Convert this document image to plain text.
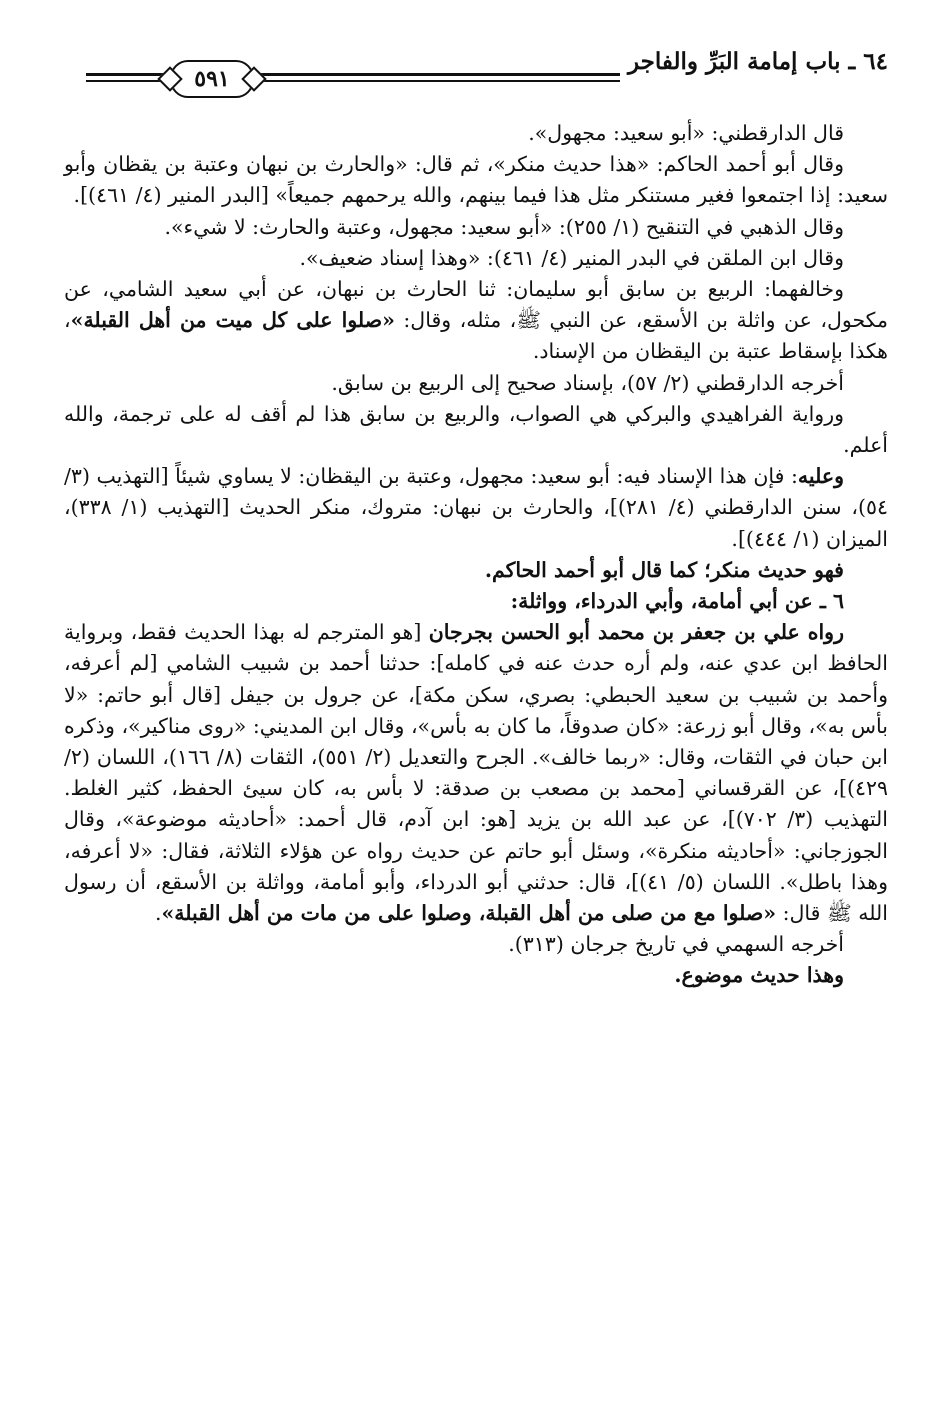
٦٤ ـ باب إمامة البَرِّ والفاجر
٥٩١

قال الدارقطني: «أبو سعيد: مجهول».

وقال أبو أحمد الحاكم: «هذا حديث منكر»، ثم قال: «والحارث بن نبهان وعتبة بن يقظان وأبو سعيد: إذا اجتمعوا فغير مستنكر مثل هذا فيما بينهم، والله يرحمهم جميعاً» [البدر المنير (٤/ ٤٦١)].

وقال الذهبي في التنقيح (١/ ٢٥٥): «أبو سعيد: مجهول، وعتبة والحارث: لا شيء».

وقال ابن الملقن في البدر المنير (٤/ ٤٦١): «وهذا إسناد ضعيف».

وخالفهما: الربيع بن سابق أبو سليمان: ثنا الحارث بن نبهان، عن أبي سعيد الشامي، عن مكحول، عن واثلة بن الأسقع، عن النبي ﷺ، مثله، وقال: «صلوا على كل ميت من أهل القبلة»، هكذا بإسقاط عتبة بن اليقظان من الإسناد.

أخرجه الدارقطني (٢/ ٥٧)، بإسناد صحيح إلى الربيع بن سابق.

ورواية الفراهيدي والبركي هي الصواب، والربيع بن سابق هذا لم أقف له على ترجمة، والله أعلم.

وعليه: فإن هذا الإسناد فيه: أبو سعيد: مجهول، وعتبة بن اليقظان: لا يساوي شيئاً [التهذيب (٣/ ٥٤)، سنن الدارقطني (٤/ ٢٨١)]، والحارث بن نبهان: متروك، منكر الحديث [التهذيب (١/ ٣٣٨)، الميزان (١/ ٤٤٤)].

فهو حديث منكر؛ كما قال أبو أحمد الحاكم.

٦ ـ عن أبي أمامة، وأبي الدرداء، وواثلة:

رواه علي بن جعفر بن محمد أبو الحسن بجرجان [هو المترجم له بهذا الحديث فقط، وبرواية الحافظ ابن عدي عنه، ولم أره حدث عنه في كامله]: حدثنا أحمد بن شبيب الشامي [لم أعرفه، وأحمد بن شبيب بن سعيد الحبطي: بصري، سكن مكة]، عن جرول بن جيفل [قال أبو حاتم: «لا بأس به»، وقال أبو زرعة: «كان صدوقاً، ما كان به بأس»، وقال ابن المديني: «روى مناكير»، وذكره ابن حبان في الثقات، وقال: «ربما خالف». الجرح والتعديل (٢/ ٥٥١)، الثقات (٨/ ١٦٦)، اللسان (٢/ ٤٢٩)]، عن القرقساني [محمد بن مصعب بن صدقة: لا بأس به، كان سيئ الحفظ، كثير الغلط. التهذيب (٣/ ٧٠٢)]، عن عبد الله بن يزيد [هو: ابن آدم، قال أحمد: «أحاديثه موضوعة»، وقال الجوزجاني: «أحاديثه منكرة»، وسئل أبو حاتم عن حديث رواه عن هؤلاء الثلاثة، فقال: «لا أعرفه، وهذا باطل». اللسان (٥/ ٤١)]، قال: حدثني أبو الدرداء، وأبو أمامة، وواثلة بن الأسقع، أن رسول الله ﷺ قال: «صلوا مع من صلى من أهل القبلة، وصلوا على من مات من أهل القبلة».

أخرجه السهمي في تاريخ جرجان (٣١٣).

وهذا حديث موضوع.
